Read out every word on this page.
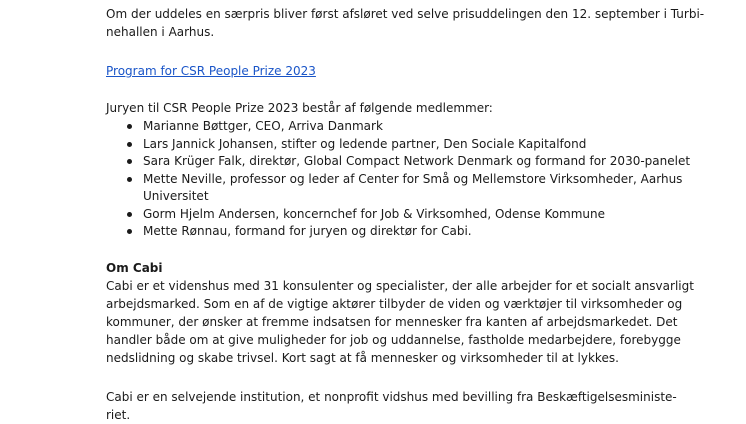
Om der uddeles en særpris bliver først afsløret ved selve prisuddelingen den 12. september i Turbi-
nehallen i Aarhus.
Program for CSR People Prize 2023
Juryen til CSR People Prize 2023 består af følgende medlemmer:
Marianne Bøttger, CEO, Arriva Danmark
Lars Jannick Johansen, stifter og ledende partner, Den Sociale Kapitalfond
Sara Krüger Falk, direktør, Global Compact Network Denmark og formand for 2030-panelet
Mette Neville, professor og leder af Center for Små og Mellemstore Virksomheder, Aarhus
Universitet
Gorm Hjelm Andersen, koncernchef for Job & Virksomhed, Odense Kommune
Mette Rønnau, formand for juryen og direktør for Cabi.
Om Cabi
Cabi er et videnshus med 31 konsulenter og specialister, der alle arbejder for et socialt ansvarligt
arbejdsmarked. Som en af de vigtige aktører tilbyder de viden og værktøjer til virksomheder og
kommuner, der ønsker at fremme indsatsen for mennesker fra kanten af arbejdsmarkedet. Det
handler både om at give muligheder for job og uddannelse, fastholde medarbejdere, forebygge
nedslidning og skabe trivsel. Kort sagt at få mennesker og virksomheder til at lykkes.
Cabi er en selvejende institution, et nonprofit vidshus med bevilling fra Beskæftigelsesministe-
riet.
